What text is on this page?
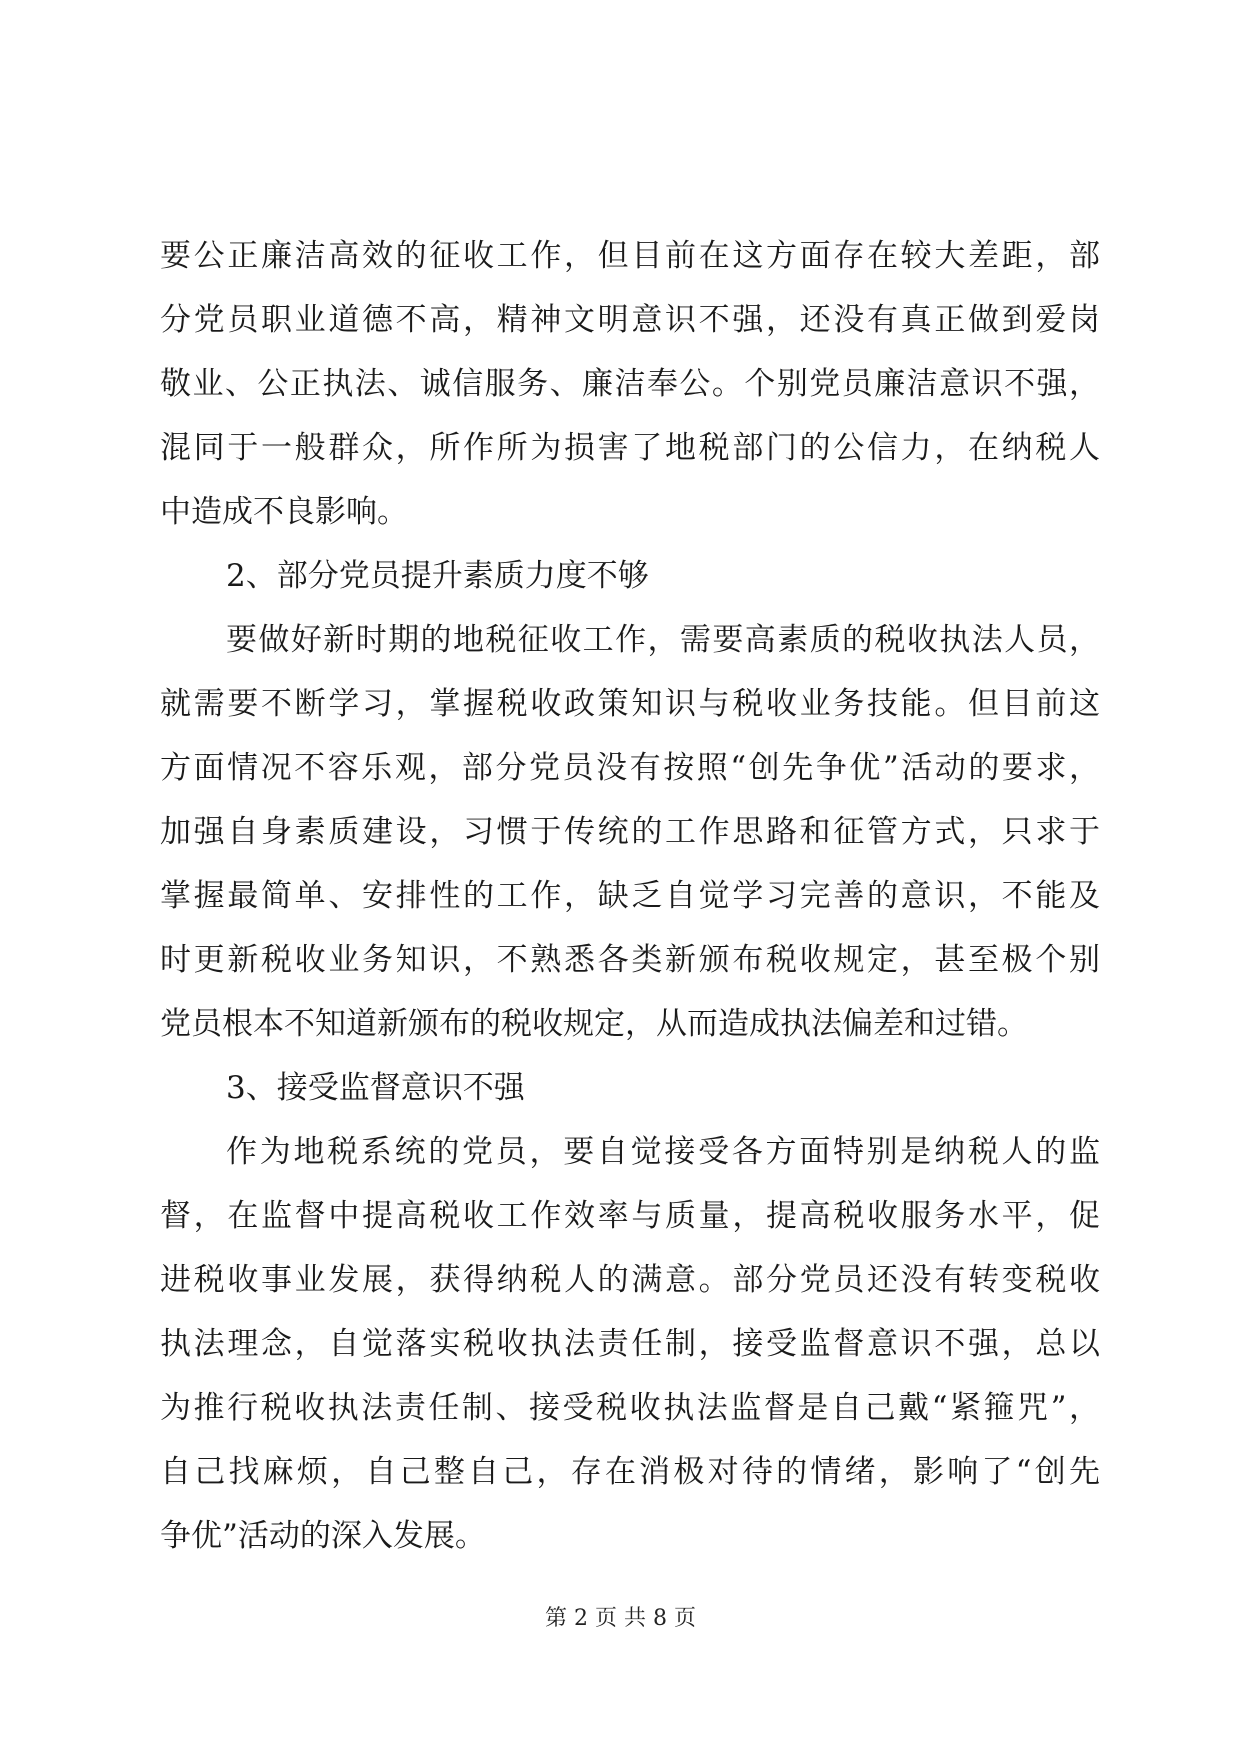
要公正廉洁高效的征收工作，但目前在这方面存在较大差距，部
分党员职业道德不高，精神文明意识不强，还没有真正做到爱岗
敬业、公正执法、诚信服务、廉洁奉公。个别党员廉洁意识不强，
混同于一般群众，所作所为损害了地税部门的公信力，在纳税人
中造成不良影响。
2、部分党员提升素质力度不够
要做好新时期的地税征收工作，需要高素质的税收执法人员，
就需要不断学习，掌握税收政策知识与税收业务技能。但目前这
方面情况不容乐观，部分党员没有按照“创先争优”活动的要求，
加强自身素质建设，习惯于传统的工作思路和征管方式，只求于
掌握最简单、安排性的工作，缺乏自觉学习完善的意识，不能及
时更新税收业务知识，不熟悉各类新颁布税收规定，甚至极个别
党员根本不知道新颁布的税收规定，从而造成执法偏差和过错。
3、接受监督意识不强
作为地税系统的党员，要自觉接受各方面特别是纳税人的监
督，在监督中提高税收工作效率与质量，提高税收服务水平，促
进税收事业发展，获得纳税人的满意。部分党员还没有转变税收
执法理念，自觉落实税收执法责任制，接受监督意识不强，总以
为推行税收执法责任制、接受税收执法监督是自己戴“紧箍咒”，
自己找麻烦，自己整自己，存在消极对待的情绪，影响了“创先
争优”活动的深入发展。
第 2 页 共 8 页
